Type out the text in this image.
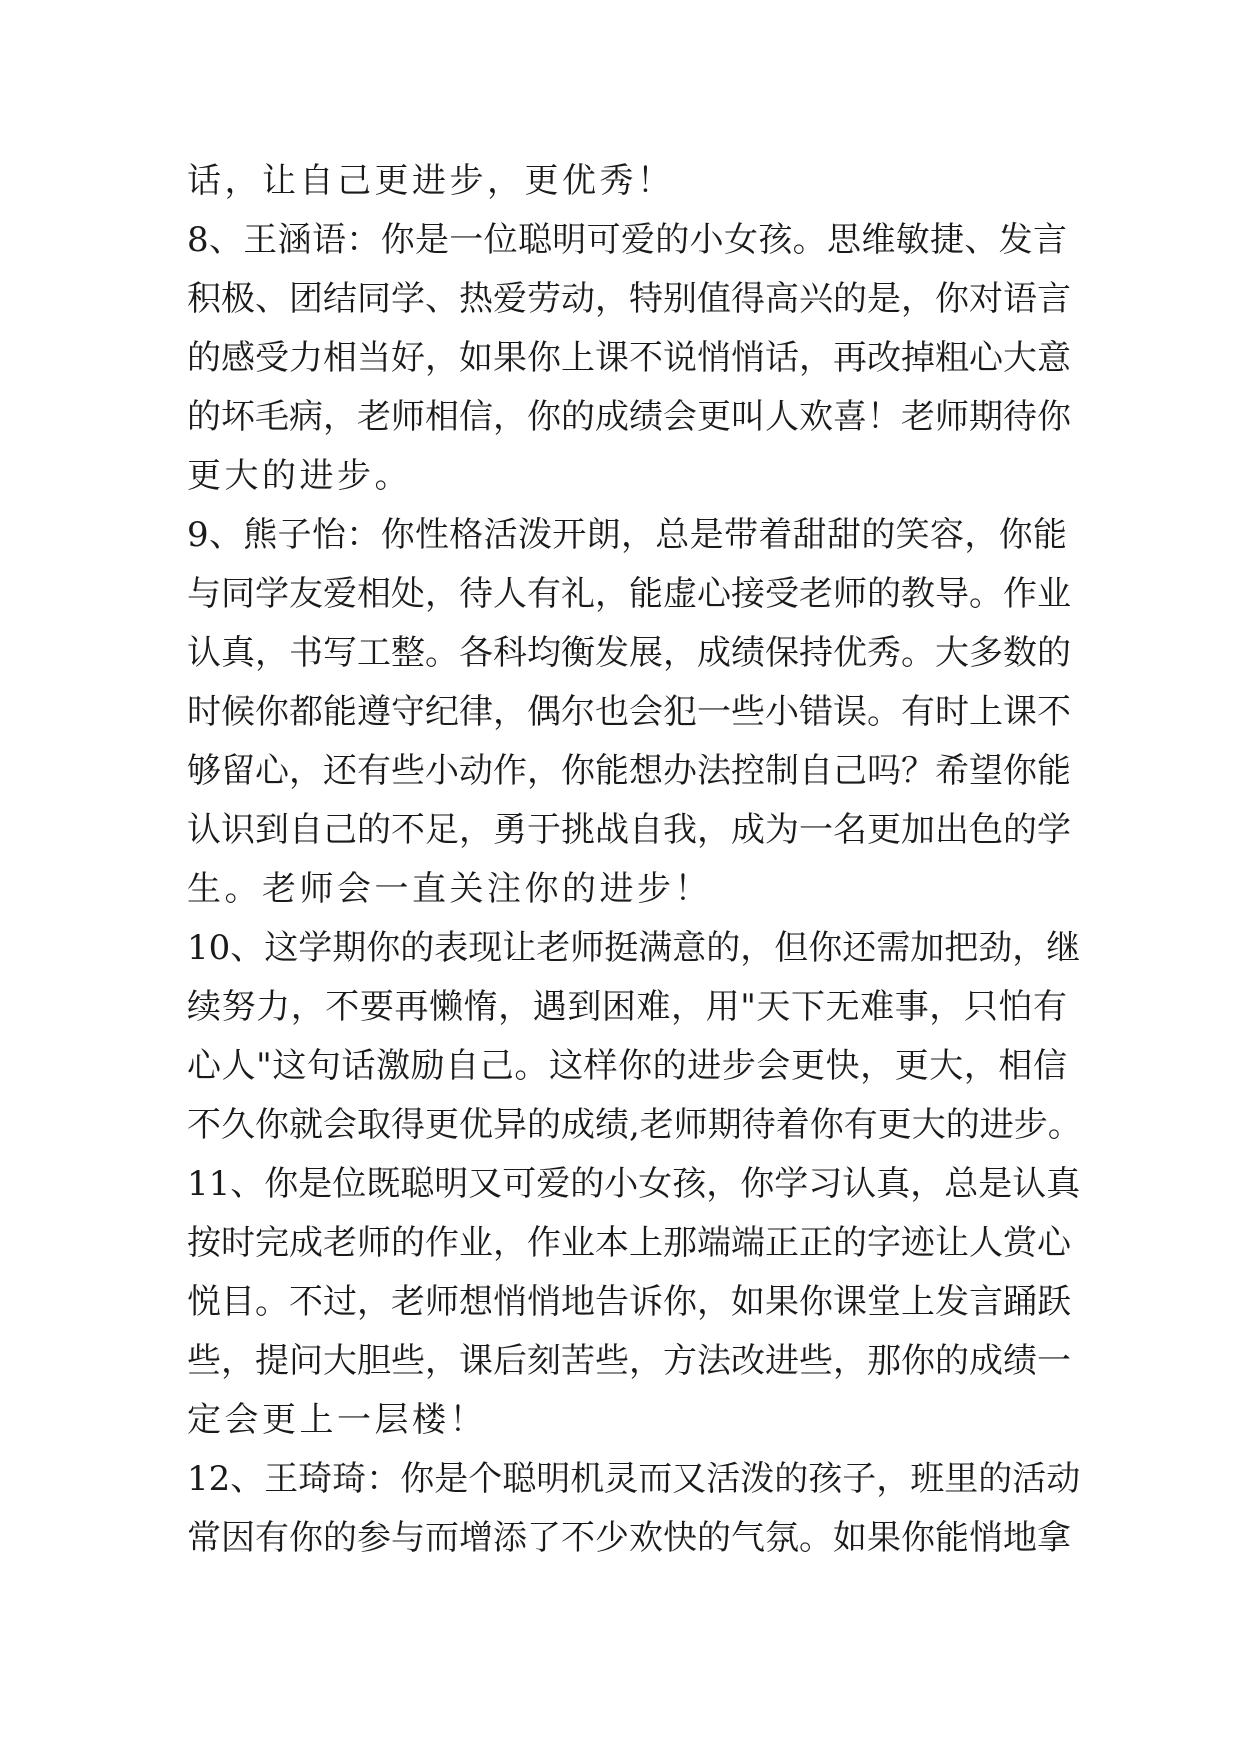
话，让自己更进步，更优秀！
8、王涵语：你是一位聪明可爱的小女孩。思维敏捷、发言
积极、团结同学、热爱劳动，特别值得高兴的是，你对语言
的感受力相当好，如果你上课不说悄悄话，再改掉粗心大意
的坏毛病，老师相信，你的成绩会更叫人欢喜！老师期待你
更大的进步。
9、熊子怡：你性格活泼开朗，总是带着甜甜的笑容，你能
与同学友爱相处，待人有礼，能虚心接受老师的教导。作业
认真，书写工整。各科均衡发展，成绩保持优秀。大多数的
时候你都能遵守纪律，偶尔也会犯一些小错误。有时上课不
够留心，还有些小动作，你能想办法控制自己吗？希望你能
认识到自己的不足，勇于挑战自我，成为一名更加出色的学
生。老师会一直关注你的进步！
10、这学期你的表现让老师挺满意的，但你还需加把劲，继
续努力，不要再懒惰，遇到困难，用"天下无难事，只怕有
心人"这句话激励自己。这样你的进步会更快，更大，相信
不久你就会取得更优异的成绩,老师期待着你有更大的进步。
11、你是位既聪明又可爱的小女孩，你学习认真，总是认真
按时完成老师的作业，作业本上那端端正正的字迹让人赏心
悦目。不过，老师想悄悄地告诉你，如果你课堂上发言踊跃
些，提问大胆些，课后刻苦些，方法改进些，那你的成绩一
定会更上一层楼！
12、王琦琦：你是个聪明机灵而又活泼的孩子，班里的活动
常因有你的参与而增添了不少欢快的气氛。如果你能悄地拿
